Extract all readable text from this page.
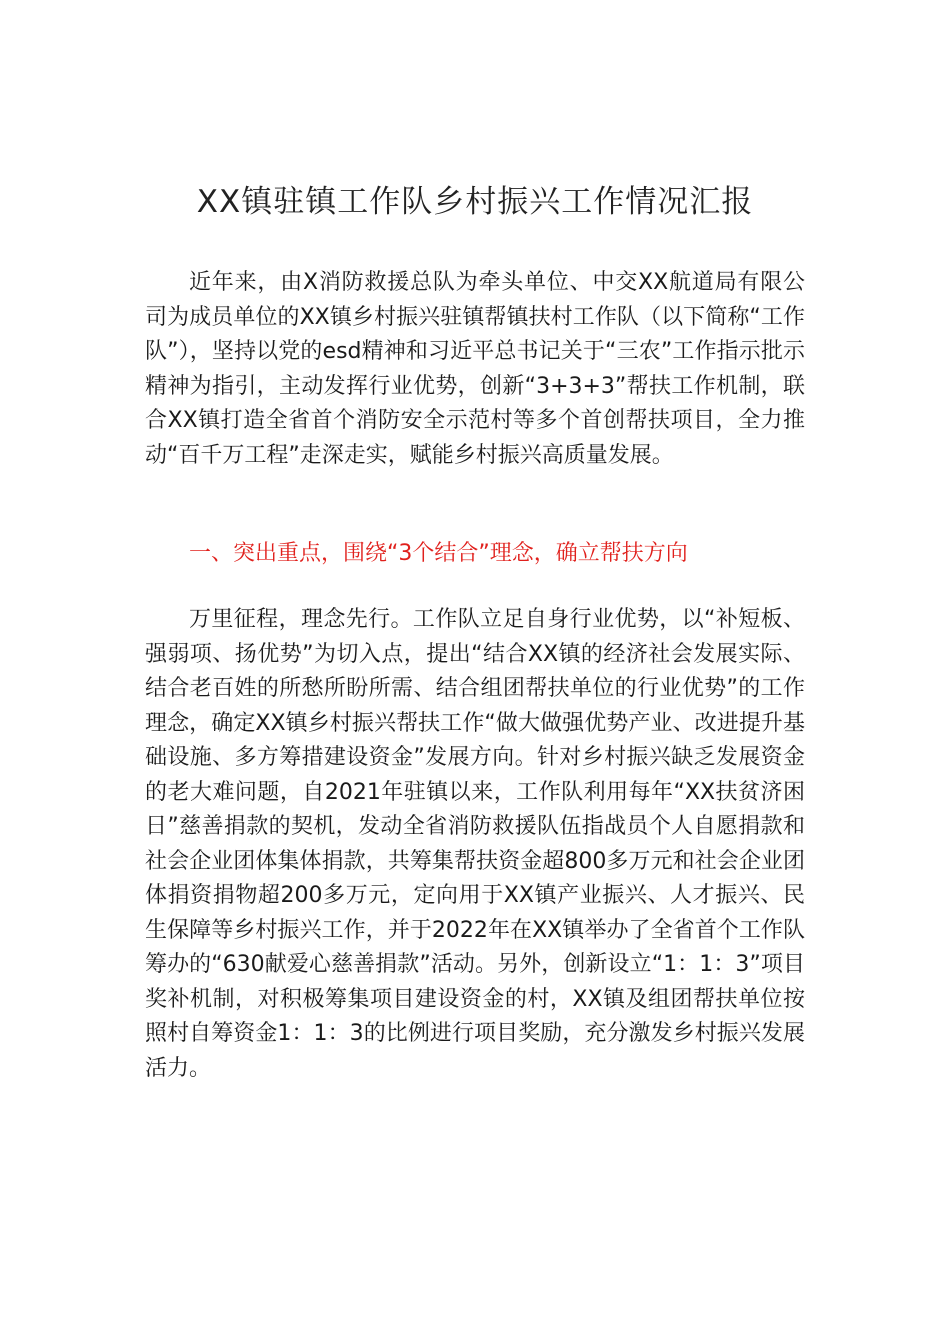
XX镇驻镇工作队乡村振兴工作情况汇报

近年来，由X消防救援总队为牵头单位、中交XX航道局有限公司为成员单位的XX镇乡村振兴驻镇帮镇扶村工作队（以下简称“工作队”），坚持以党的esd精神和习近平总书记关于“三农”工作指示批示精神为指引，主动发挥行业优势，创新“3+3+3”帮扶工作机制，联合XX镇打造全省首个消防安全示范村等多个首创帮扶项目，全力推动“百千万工程”走深走实，赋能乡村振兴高质量发展。

一、突出重点，围绕“3个结合”理念，确立帮扶方向

万里征程，理念先行。工作队立足自身行业优势，以“补短板、强弱项、扬优势”为切入点，提出“结合XX镇的经济社会发展实际、结合老百姓的所愁所盼所需、结合组团帮扶单位的行业优势”的工作理念，确定XX镇乡村振兴帮扶工作“做大做强优势产业、改进提升基础设施、多方筹措建设资金”发展方向。针对乡村振兴缺乏发展资金的老大难问题，自2021年驻镇以来，工作队利用每年“XX扶贫济困日”慈善捐款的契机，发动全省消防救援队伍指战员个人自愿捐款和社会企业团体集体捐款，共筹集帮扶资金超800多万元和社会企业团体捐资捐物超200多万元，定向用于XX镇产业振兴、人才振兴、民生保障等乡村振兴工作，并于2022年在XX镇举办了全省首个工作队筹办的“630献爱心慈善捐款”活动。另外，创新设立“1：1：3”项目奖补机制，对积极筹集项目建设资金的村，XX镇及组团帮扶单位按照村自筹资金1：1：3的比例进行项目奖励，充分激发乡村振兴发展活力。
